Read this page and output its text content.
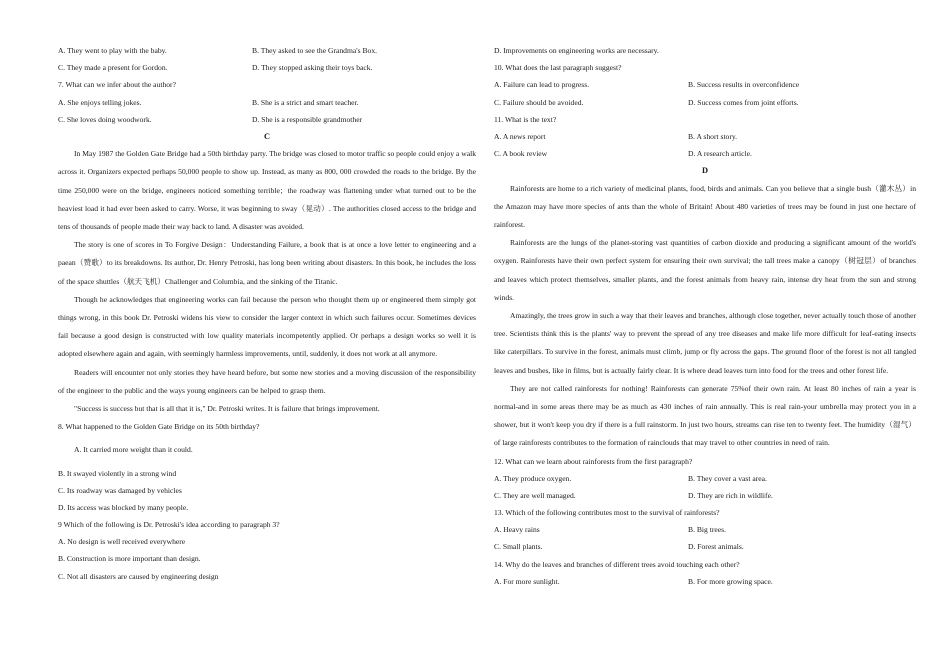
A. They went to play with the baby.	B. They asked to see the Grandma's Box.
C. They made a present for Gordon.	D. They stopped asking their toys back.
7. What can we infer about the author?
A. She enjoys telling jokes.	B. She is a strict and smart teacher.
C. She loves doing woodwork.	D. She is a responsible grandmother
C

In May 1987 the Golden Gate Bridge had a 50th birthday party. The bridge was closed to motor traffic so people could enjoy a walk across it. Organizers expected perhaps 50,000 people to show up. Instead, as many as 800, 000 crowded the roads to the bridge. By the time 250,000 were on the bridge, engineers noticed something terrible；the roadway was flattening under what turned out to be the heaviest load it had ever been asked to carry. Worse, it was beginning to sway（晃动）. The authorities closed access to the bridge and tens of thousands of people made their way back to land. A disaster was avoided.

The story is one of scores in To Forgive Design：Understanding Failure, a book that is at once a love letter to engineering and a paean（赞歌）to its breakdowns. Its author, Dr. Henry Petroski, has long been writing about disasters. In this book, he includes the loss of the space shuttles（航天飞机）Challenger and Columbia, and the sinking of the Titanic.

Though he acknowledges that engineering works can fail because the person who thought them up or engineered them simply got things wrong, in this book Dr. Petroski widens his view to consider the larger context in which such failures occur. Sometimes devices fail because a good design is constructed with low quality materials incompetently applied. Or perhaps a design works so well it is adopted elsewhere again and again, with seemingly harmless improvements, until, suddenly, it does not work at all anymore.

Readers will encounter not only stories they have heard before, but some new stories and a moving discussion of the responsibility of the engineer to the public and the ways young engineers can be helped to grasp them.

"Success is success but that is all that it is," Dr. Petroski writes. It is failure that brings improvement.

8. What happened to the Golden Gate Bridge on its 50th birthday?
A. It carried more weight than it could.
B. It swayed violently in a strong wind
C. Its roadway was damaged by vehicles
D. Its access was blocked by many people.
9 Which of the following is Dr. Petroski's idea according to paragraph 3?
A. No design is well received everywhere
B. Construction is more important than design.
C. Not all disasters are caused by engineering design
D. Improvements on engineering works are necessary.
10. What does the last paragraph suggest?
A. Failure can lead to progress.	B. Success results in overconfidence
C. Failure should be avoided.	D. Success comes from joint efforts.
11. What is the text?
A. A news report	B. A short story.
C. A book review	D. A research article.
D

Rainforests are home to a rich variety of medicinal plants, food, birds and animals. Can you believe that a single bush（灌木丛）in the Amazon may have more species of ants than the whole of Britain! About 480 varieties of trees may be found in just one hectare of rainforest.

Rainforests are the lungs of the planet-storing vast quantities of carbon dioxide and producing a significant amount of the world's oxygen. Rainforests have their own perfect system for ensuring their own survival; the tall trees make a canopy（树冠层）of branches and leaves which protect themselves, smaller plants, and the forest animals from heavy rain, intense dry heat from the sun and strong winds.

Amazingly, the trees grow in such a way that their leaves and branches, although close together, never actually touch those of another tree. Scientists think this is the plants' way to prevent the spread of any tree diseases and make life more difficult for leaf-eating insects like caterpillars. To survive in the forest, animals must climb, jump or fly across the gaps. The ground floor of the forest is not all tangled leaves and bushes, like in films, but is actually fairly clear. It is where dead leaves turn into food for the trees and other forest life.

They are not called rainforests for nothing! Rainforests can generate 75%of their own rain. At least 80 inches of rain a year is normal-and in some areas there may be as much as 430 inches of rain annually. This is real rain-your umbrella may protect you in a shower, but it won't keep you dry if there is a full rainstorm. In just two hours, streams can rise ten to twenty feet. The humidity（湿气）of large rainforests contributes to the formation of rainclouds that may travel to other countries in need of rain.

12. What can we learn about rainforests from the first paragraph?
A. They produce oxygen.	B. They cover a vast area.
C. They are well managed.	D. They are rich in wildlife.
13. Which of the following contributes most to the survival of rainforests?
A. Heavy rains	B. Big trees.
C. Small plants.	D. Forest animals.
14. Why do the leaves and branches of different trees avoid touching each other?
A. For more sunlight.	B. For more growing space.
